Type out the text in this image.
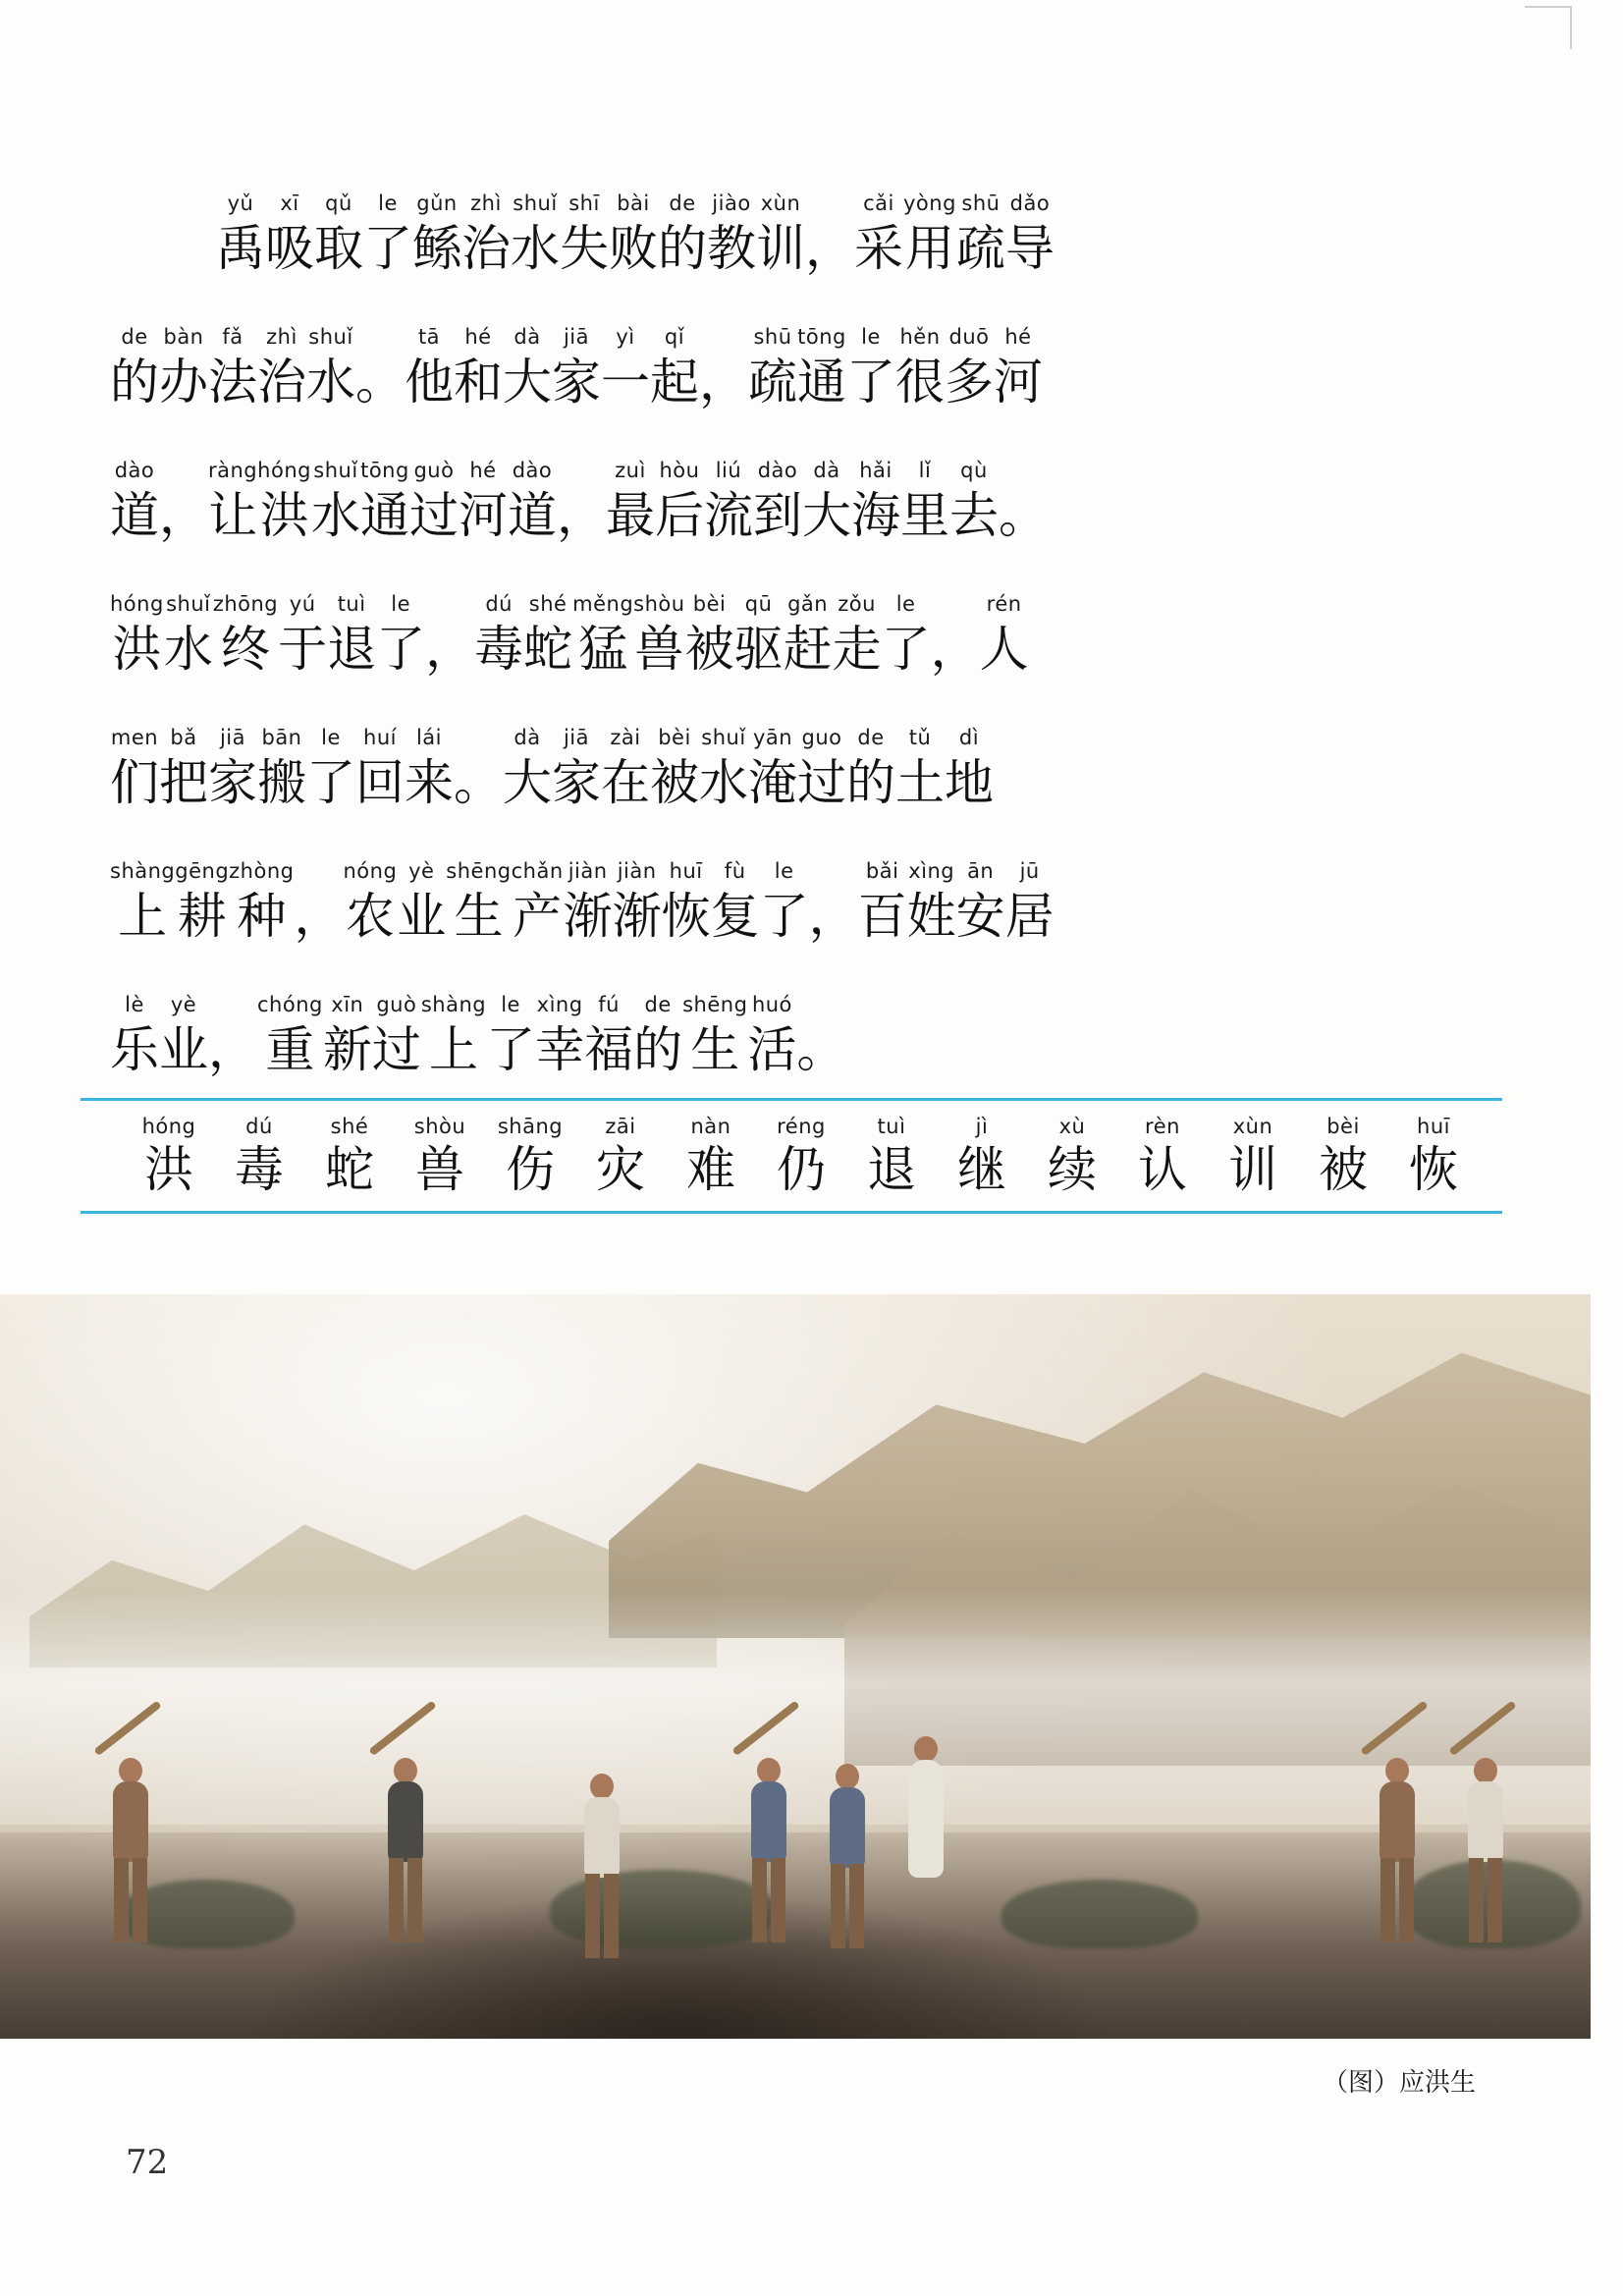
yǔ
禹
xī
吸
qǔ
取
le
了
gǔn
鲧
zhì
治
shuǐ
水
shī
失
bài
败
de
的
jiào
教
xùn
训 ，
cǎi
采
yòng
用
shū
疏
dǎo
导
de
的
bàn
办
fǎ
法
zhì
治
shuǐ
水 。
tā
他
hé
和
dà
大
jiā
家
yì
一
qǐ
起 ，
shū
疏
tōng
通
le
了
hěn
很
duō
多
hé
河
dào
道 ，
ràng
让
hóng
洪
shuǐ
水
tōng
通
guò
过
hé
河
dào
道 ，
zuì
最
hòu
后
liú
流
dào
到
dà
大
hǎi
海
lǐ
里
qù
去 。
hóng
洪
shuǐ
水
zhōng
终
yú
于
tuì
退
le
了 ，
dú
毒
shé
蛇
měng
猛
shòu
兽
bèi
被
qū
驱
gǎn
赶
zǒu
走
le
了 ，
rén
人
men
们
bǎ
把
jiā
家
bān
搬
le
了
huí
回
lái
来 。
dà
大
jiā
家
zài
在
bèi
被
shuǐ
水
yān
淹
guo
过
de
的
tǔ
土
dì
地
shàng
上
gēng
耕
zhòng
种 ，
nóng
农
yè
业
shēng
生
chǎn
产
jiàn
渐
jiàn
渐
huī
恢
fù
复
le
了 ，
bǎi
百
xìng
姓
ān
安
jū
居
lè
乐
yè
业 ，
chóng
重
xīn
新
guò
过
shàng
上
le
了
xìng
幸
fú
福
de
的
shēng
生
huó
活 。
hóng
洪
dú
毒
shé
蛇
shòu
兽
shāng
伤
zāi
灾
nàn
难
réng
仍
tuì
退
jì
继
xù
续
rèn
认
xùn
训
bèi
被
huī
恢
（图）应洪生
72
